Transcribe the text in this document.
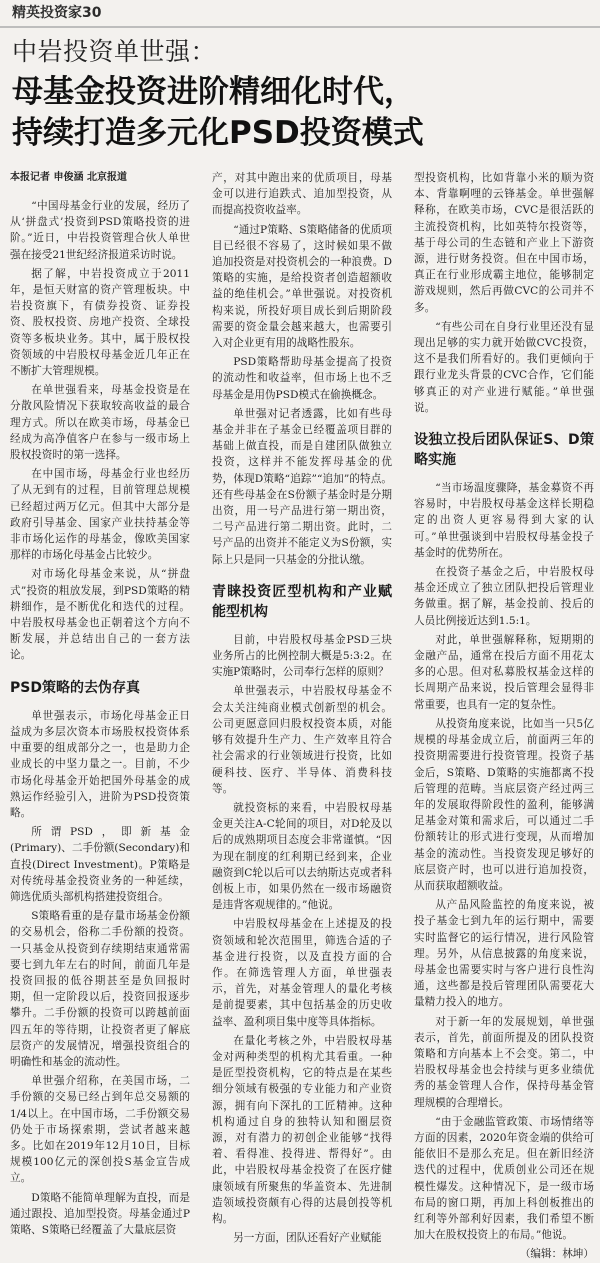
精英投资家30
中岩投资单世强：
母基金投资进阶精细化时代，
持续打造多元化PSD投资模式
本报记者 申俊涵 北京报道

“中国母基金行业的发展，经历了从‘拼盘式’投资到PSD策略投资的进阶。”近日，中岩投资管理合伙人单世强在接受21世纪经济报道采访时说。

据了解，中岩投资成立于2011年，是恒天财富的资产管理板块。中岩投资旗下，有债券投资、证券投资、股权投资、房地产投资、全球投资等多板块业务。其中，属于股权投资领域的中岩股权母基金近几年正在不断扩大管理规模。

在单世强看来，母基金投资是在分散风险情况下获取较高收益的最合理方式。所以在欧美市场，母基金已经成为高净值客户在参与一级市场上股权投资时的第一选择。

在中国市场，母基金行业也经历了从无到有的过程，目前管理总规模已经超过两万亿元。但其中大部分是政府引导基金、国家产业扶持基金等非市场化运作的母基金，像欧美国家那样的市场化母基金占比较少。

对市场化母基金来说，从“拼盘式”投资的粗放发展，到PSD策略的精耕细作，是不断优化和迭代的过程。中岩股权母基金也正朝着这个方向不断发展，并总结出自己的一套方法论。

PSD策略的去伪存真

单世强表示，市场化母基金正日益成为多层次资本市场股权投资体系中重要的组成部分之一，也是助力企业成长的中坚力量之一。目前，不少市场化母基金开始把国外母基金的成熟运作经验引入，进阶为PSD投资策略。

所谓PSD，即新基金(Primary)、二手份额(Secondary)和直投(Direct Investment)。P策略是对传统母基金投资业务的一种延续，筛选优质头部机构搭建投资组合。

S策略看重的是存量市场基金份额的交易机会，俗称二手份额的投资。一只基金从投资到存续期结束通常需要七到九年左右的时间，前面几年是投资回报的低谷期甚至是负回报时期，但一定阶段以后，投资回报逐步攀升。二手份额的投资可以跨越前面四五年的等待期，让投资者更了解底层资产的发展情况，增强投资组合的明确性和基金的流动性。

单世强介绍称，在美国市场，二手份额的交易已经占到年总交易额的1/4以上。在中国市场，二手份额交易仍处于市场探索期，尝试者越来越多。比如在2019年12月10日，目标规模100亿元的深创投S基金宣告成立。

D策略不能简单理解为直投，而是通过跟投、追加型投资。母基金通过P策略、S策略已经覆盖了大量底层资

产，对其中跑出来的优质项目，母基金可以进行追跌式、追加型投资，从而提高投资收益率。

“通过P策略、S策略储备的优质项目已经很不容易了，这时候如果不做追加投资是对投资机会的一种浪费。D策略的实施，是给投资者创造超额收益的绝佳机会。”单世强说。对投资机构来说，所投好项目成长到后期阶段需要的资金量会越来越大，也需要引入对企业更有用的战略性股东。

PSD策略帮助母基金提高了投资的流动性和收益率，但市场上也不乏母基金是用伪PSD模式在偷换概念。

单世强对记者透露，比如有些母基金并非在子基金已经覆盖项目群的基础上做直投，而是自建团队做独立投资，这样并不能发挥母基金的优势，体现D策略“追踪”“追加”的特点。还有些母基金在S份额子基金时是分期出资，用一号产品进行第一期出资，二号产品进行第二期出资。此时，二号产品的出资并不能定义为S份额，实际上只是同一只基金的分批认缴。

青睐投资匠型机构和产业赋能型机构

目前，中岩股权母基金PSD三块业务所占的比例控制大概是5:3:2。在实施P策略时，公司奉行怎样的原则？

单世强表示，中岩股权母基金不会太关注纯商业模式创新型的机会。公司更愿意回归股权投资本质，对能够有效提升生产力、生产效率且符合社会需求的行业领域进行投资，比如硬科技、医疗、半导体、消费科技等。

就投资标的来看，中岩股权母基金更关注A-C轮间的项目，对D轮及以后的成熟期项目态度会非常谨慎。“因为现在制度的红利期已经到来，企业融资到C轮以后可以去纳斯达克或者科创板上市，如果仍然在一级市场融资是违背客观规律的。”他说。

中岩股权母基金在上述提及的投资领域和轮次范围里，筛选合适的子基金进行投资，以及直投方面的合作。在筛选管理人方面，单世强表示，首先，对基金管理人的量化考核是前提要素，其中包括基金的历史收益率、盈利项目集中度等具体指标。

在量化考核之外，中岩股权母基金对两种类型的机构尤其看重。一种是匠型投资机构，它的特点是在某些细分领域有极强的专业能力和产业资源，拥有向下深扎的工匠精神。这种机构通过自身的独特认知和圈层资源，对有潜力的初创企业能够“找得着、看得准、投得进、帮得好”。由此，中岩股权母基金投资了在医疗健康领域有所聚焦的华盖资本、先进制造领域投资颇有心得的达晨创投等机构。

另一方面，团队还看好产业赋能

型投资机构，比如背靠小米的顺为资本、背靠啊哩的云锋基金。单世强解释称，在欧美市场，CVC是很活跃的主流投资机构，比如英特尔投资等，基于母公司的生态链和产业上下游资源，进行财务投资。但在中国市场，真正在行业形成霸主地位，能够制定游戏规则，然后再做CVC的公司并不多。

“有些公司在自身行业里还没有显现出足够的实力就开始做CVC投资，这不是我们所看好的。我们更倾向于跟行业龙头背景的CVC合作，它们能够真正的对产业进行赋能。”单世强说。

设独立投后团队保证S、D策略实施

“当市场温度骤降，基金募资不再容易时，中岩股权母基金这样长期稳定的出资人更容易得到大家的认可。”单世强谈到中岩股权母基金投子基金时的优势所在。

在投资子基金之后，中岩股权母基金还成立了独立团队把投后管理业务做重。据了解，基金投前、投后的人员比例接近达到1.5:1。

对此，单世强解释称，短期期的金融产品，通常在投后方面不用花太多的心思。但对私募股权基金这样的长周期产品来说，投后管理会显得非常重要，也具有一定的复杂性。

从投资角度来说，比如当一只5亿规模的母基金成立后，前面两三年的投资期需要进行投资管理。投资子基金后，S策略、D策略的实施都离不投后管理的范畴。当底层资产经过两三年的发展取得阶段性的盈利，能够满足基金对策和需求后，可以通过二手份额转让的形式进行变现，从而增加基金的流动性。当投资发现足够好的底层资产时，也可以进行追加投资，从而获取超额收益。

从产品风险监控的角度来说，被投子基金七到九年的运行期中，需要实时监督它的运行情况，进行风险管理。另外，从信息披露的角度来说，母基金也需要实时与客户进行良性沟通，这些都是投后管理团队需要花大量精力投入的地方。

对于新一年的发展规划，单世强表示，首先，前面所提及的团队投资策略和方向基本上不会变。第二，中岩股权母基金也会持续与更多业绩优秀的基金管理人合作，保持母基金管理规模的合理增长。

“由于金融监管政策、市场情绪等方面的因素，2020年资金端的供给可能依旧不是那么充足。但在新旧经济迭代的过程中，优质创业公司还在规模性爆发。这种情况下，是一级市场布局的窗口期，再加上科创板推出的红利等外部利好因素，我们希望不断加大在股权投资上的布局。”他说。

（编辑：林坤）
